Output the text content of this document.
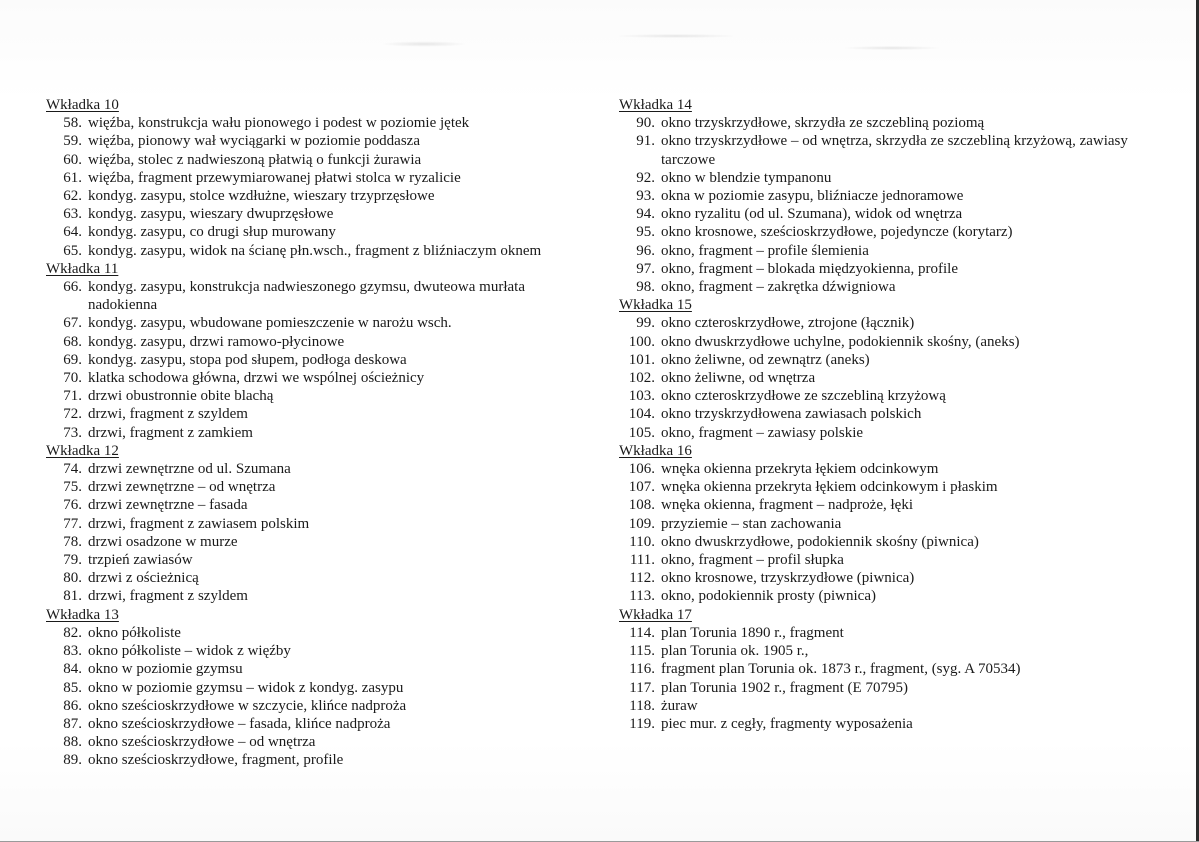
Wkładka 10
58. więźba, konstrukcja wału pionowego i podest w poziomie jętek
59. więźba, pionowy wał wyciągarki w poziomie poddasza
60. więźba, stolec z nadwieszoną płatwią o funkcji żurawia
61. więźba, fragment przewymiarowanej płatwi stolca w ryzalicie
62. kondyg. zasypu, stolce wzdłużne, wieszary trzyprzęsłowe
63. kondyg. zasypu, wieszary dwuprzęsłowe
64. kondyg. zasypu, co drugi słup murowany
65. kondyg. zasypu, widok na ścianę płn.wsch., fragment z bliźniaczym oknem
Wkładka 11
66. kondyg. zasypu, konstrukcja nadwieszonego gzymsu, dwuteowa murłata nadokienna
67. kondyg. zasypu, wbudowane pomieszczenie w narożu wsch.
68. kondyg. zasypu, drzwi ramowo-płycinowe
69. kondyg. zasypu, stopa pod słupem, podłoga deskowa
70. klatka schodowa główna, drzwi we wspólnej ościeżnicy
71. drzwi obustronnie obite blachą
72. drzwi, fragment z szyldem
73. drzwi, fragment z zamkiem
Wkładka 12
74. drzwi zewnętrzne od ul. Szumana
75. drzwi zewnętrzne – od wnętrza
76. drzwi zewnętrzne – fasada
77. drzwi, fragment z zawiasem polskim
78. drzwi osadzone w murze
79. trzpień zawiasów
80. drzwi z ościeżnicą
81. drzwi, fragment z szyldem
Wkładka 13
82. okno półkoliste
83. okno półkoliste – widok z więźby
84. okno w poziomie gzymsu
85. okno w poziomie gzymsu – widok z kondyg. zasypu
86. okno sześcioskrzydłowe w szczycie, klińce nadproża
87. okno sześcioskrzydłowe – fasada, klińce nadproża
88. okno sześcioskrzydłowe – od wnętrza
89. okno sześcioskrzydłowe, fragment, profile
Wkładka 14
90. okno trzyskrzydłowe, skrzydła ze szczebliną poziomą
91. okno trzyskrzydłowe – od wnętrza, skrzydła ze szczebliną krzyżową, zawiasy tarczowe
92. okno w blendzie tympanonu
93. okna w poziomie zasypu, bliźniacze jednoramowe
94. okno ryzalitu (od ul. Szumana), widok od wnętrza
95. okno krosnowe, sześcioskrzydłowe, pojedyncze (korytarz)
96. okno, fragment – profile ślemienia
97. okno, fragment – blokada międzyokienna, profile
98. okno, fragment – zakrętka dźwigniowa
Wkładka 15
99. okno czteroskrzydłowe, ztrojone (łącznik)
100. okno dwuskrzydłowe uchylne, podokiennik skośny, (aneks)
101. okno żeliwne, od zewnątrz (aneks)
102. okno żeliwne, od wnętrza
103. okno czteroskrzydłowe ze szczebliną krzyżową
104. okno trzyskrzydłowena zawiasach polskich
105. okno, fragment – zawiasy polskie
Wkładka 16
106. wnęka okienna przekryta łękiem odcinkowym
107. wnęka okienna przekryta łękiem odcinkowym i płaskim
108. wnęka okienna, fragment – nadproże, łęki
109. przyziemie – stan zachowania
110. okno dwuskrzydłowe, podokiennik skośny (piwnica)
111. okno, fragment – profil słupka
112. okno krosnowe, trzyskrzydłowe (piwnica)
113. okno, podokiennik prosty (piwnica)
Wkładka 17
114. plan Torunia 1890 r., fragment
115. plan Torunia ok. 1905 r.,
116. fragment plan Torunia ok. 1873 r., fragment, (syg. A 70534)
117. plan Torunia 1902 r., fragment (E 70795)
118. żuraw
119. piec mur. z cegły, fragmenty wyposażenia
